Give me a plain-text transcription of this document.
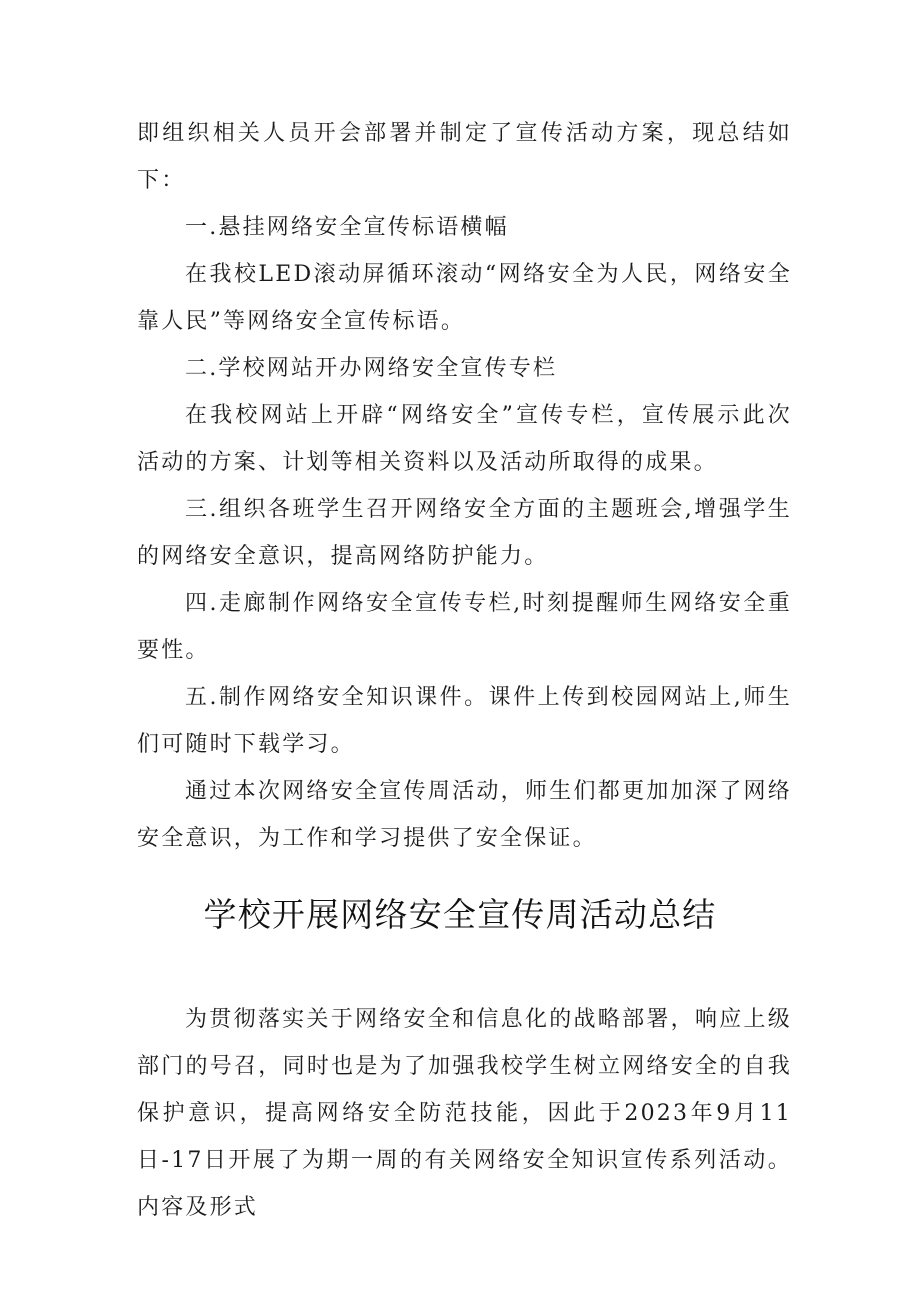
即组织相关人员开会部署并制定了宣传活动方案，现总结如下：

一.悬挂网络安全宣传标语横幅

在我校LED滚动屏循环滚动“网络安全为人民，网络安全靠人民”等网络安全宣传标语。

二.学校网站开办网络安全宣传专栏

在我校网站上开辟“网络安全”宣传专栏，宣传展示此次活动的方案、计划等相关资料以及活动所取得的成果。

三.组织各班学生召开网络安全方面的主题班会,增强学生的网络安全意识，提高网络防护能力。

四.走廊制作网络安全宣传专栏,时刻提醒师生网络安全重要性。

五.制作网络安全知识课件。课件上传到校园网站上,师生们可随时下载学习。

通过本次网络安全宣传周活动，师生们都更加加深了网络安全意识，为工作和学习提供了安全保证。

学校开展网络安全宣传周活动总结

为贯彻落实关于网络安全和信息化的战略部署，响应上级部门的号召，同时也是为了加强我校学生树立网络安全的自我保护意识，提高网络安全防范技能，因此于2023年9月11日-17日开展了为期一周的有关网络安全知识宣传系列活动。内容及形式
